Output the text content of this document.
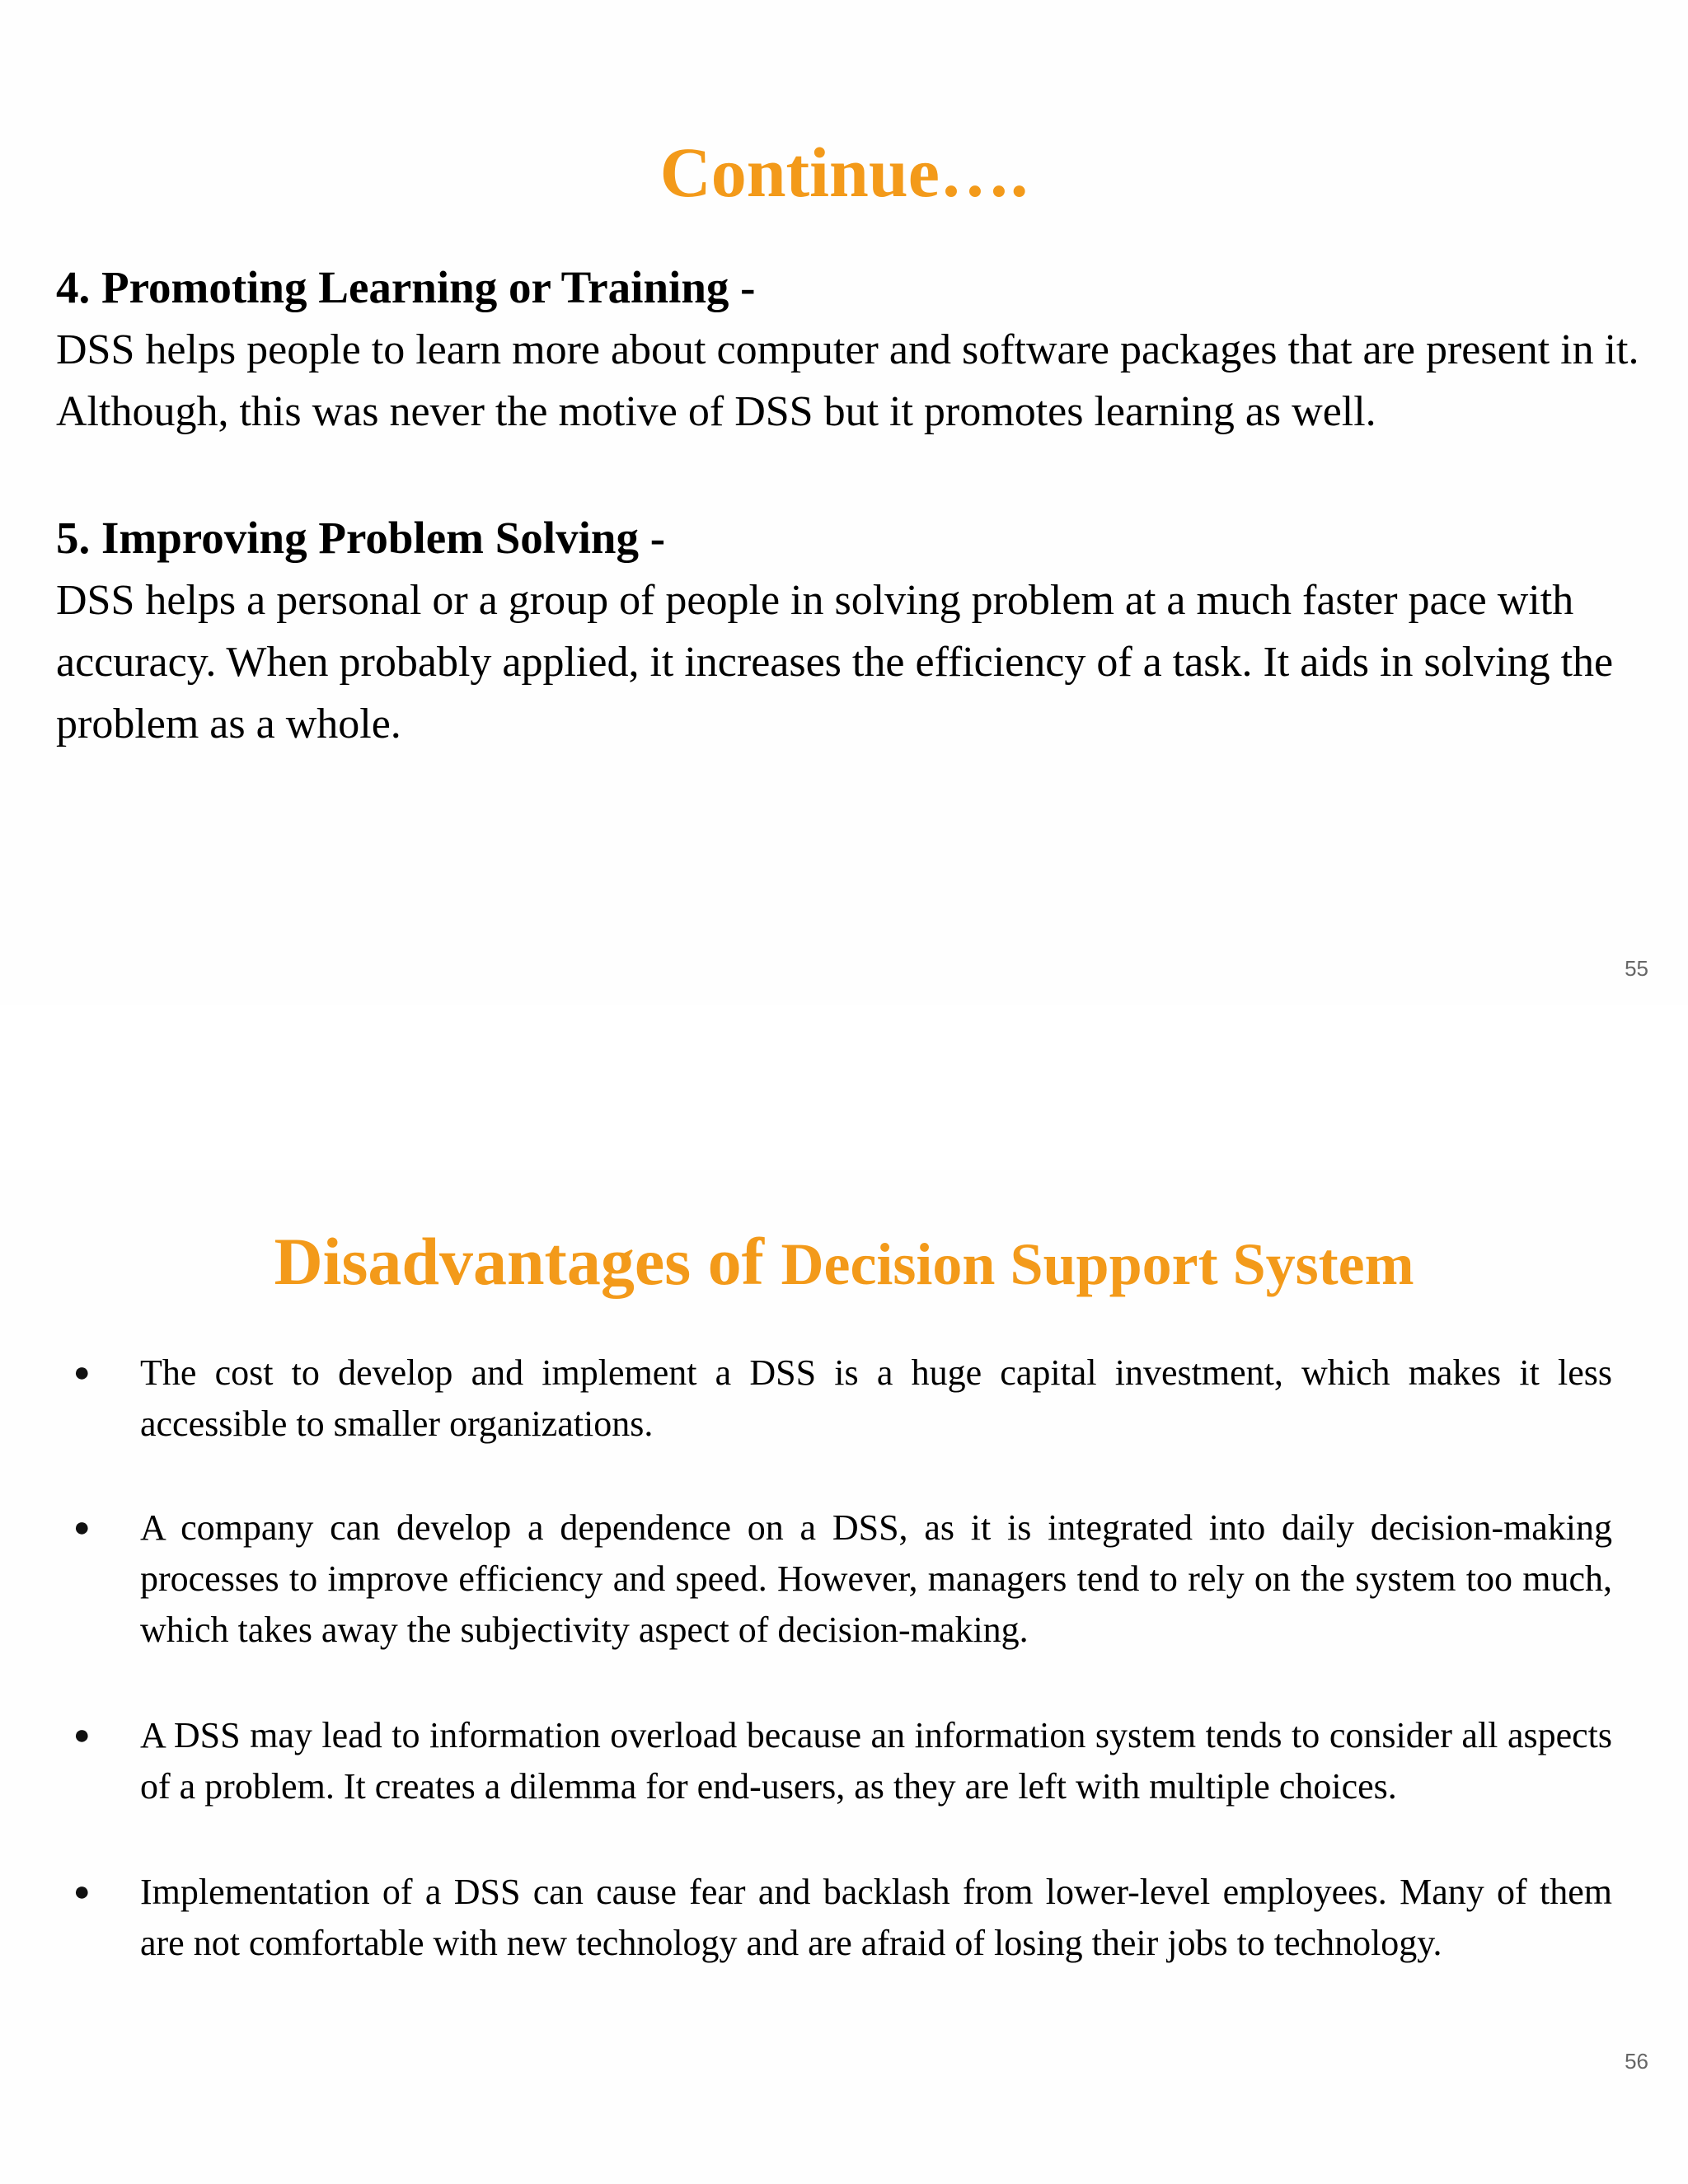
Continue….

4. Promoting Learning or Training -

DSS helps people to learn more about computer and software packages that are present in it. Although, this was never the motive of DSS but it promotes learning as well.

5. Improving Problem Solving -

DSS helps a personal or a group of people in solving problem at a much faster pace with accuracy. When probably applied, it increases the efficiency of a task. It aids in solving the problem as a whole.

55
Disadvantages of Decision Support System

The cost to develop and implement a DSS is a huge capital investment, which makes it less accessible to smaller organizations.

A company can develop a dependence on a DSS, as it is integrated into daily decision-making processes to improve efficiency and speed. However, managers tend to rely on the system too much, which takes away the subjectivity aspect of decision-making.

A DSS may lead to information overload because an information system tends to consider all aspects of a problem. It creates a dilemma for end-users, as they are left with multiple choices.

Implementation of a DSS can cause fear and backlash from lower-level employees. Many of them are not comfortable with new technology and are afraid of losing their jobs to technology.

56
